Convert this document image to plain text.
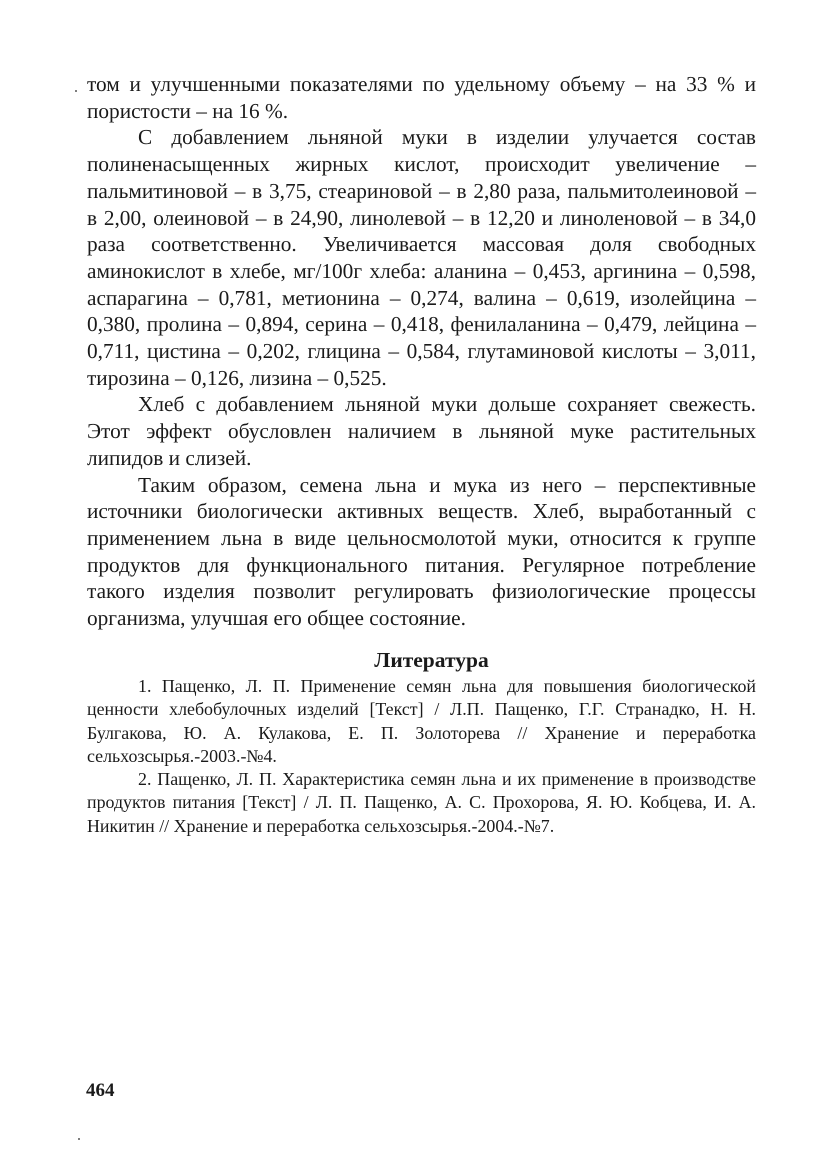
том и улучшенными показателями по удельному объему – на 33 % и пористости – на 16 %.

С добавлением льняной муки в изделии улучается состав полиненасыщенных жирных кислот, происходит увеличение – пальмитиновой – в 3,75, стеариновой – в 2,80 раза, пальмитолеиновой – в 2,00, олеиновой – в 24,90, линолевой – в 12,20 и линоленовой – в 34,0 раза соответственно. Увеличивается массовая доля свободных аминокислот в хлебе, мг/100г хлеба: аланина – 0,453, аргинина – 0,598, аспарагина – 0,781, метионина – 0,274, валина – 0,619, изолейцина – 0,380, пролина – 0,894, серина – 0,418, фенилаланина – 0,479, лейцина – 0,711, цистина – 0,202, глицина – 0,584, глутаминовой кислоты – 3,011, тирозина – 0,126, лизина – 0,525.

Хлеб с добавлением льняной муки дольше сохраняет свежесть. Этот эффект обусловлен наличием в льняной муке растительных липидов и слизей.

Таким образом, семена льна и мука из него – перспективные источники биологически активных веществ. Хлеб, выработанный с применением льна в виде цельносмолотой муки, относится к группе продуктов для функционального питания. Регулярное потребление такого изделия позволит регулировать физиологические процессы организма, улучшая его общее состояние.

Литература

1. Пащенко, Л. П. Применение семян льна для повышения биологической ценности хлебобулочных изделий [Текст] / Л.П. Пащенко, Г.Г. Странадко, Н. Н. Булгакова, Ю. А. Кулакова, Е. П. Золоторева // Хранение и переработка сельхозсырья.-2003.-№4.

2. Пащенко, Л. П. Характеристика семян льна и их применение в производстве продуктов питания [Текст] / Л. П. Пащенко, А. С. Прохорова, Я. Ю. Кобцева, И. А. Никитин // Хранение и переработка сельхозсырья.-2004.-№7.

464
